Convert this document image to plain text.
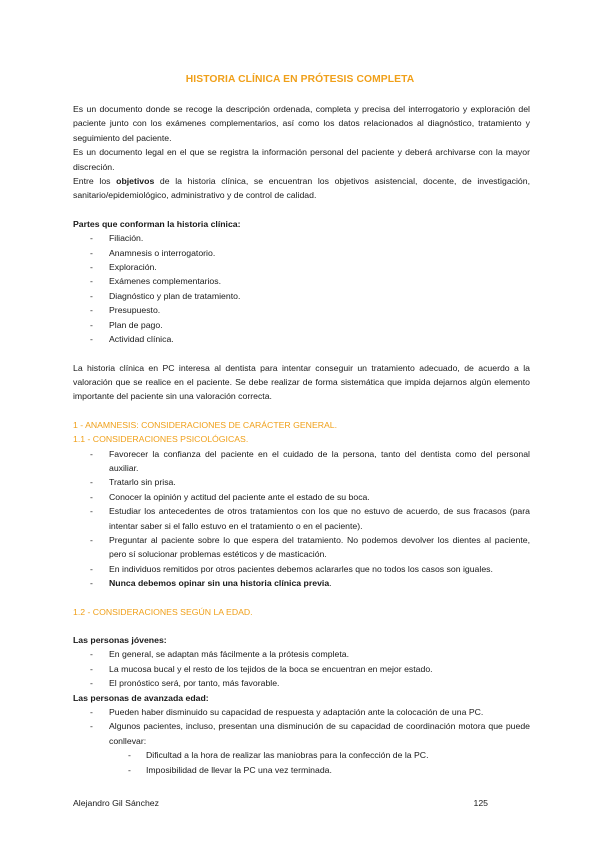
HISTORIA CLÍNICA EN PRÓTESIS COMPLETA

Es un documento donde se recoge la descripción ordenada, completa y precisa del interrogatorio y exploración del paciente junto con los exámenes complementarios, así como los datos relacionados al diagnóstico, tratamiento y seguimiento del paciente.

Es un documento legal en el que se registra la información personal del paciente y deberá archivarse con la mayor discreción.

Entre los objetivos de la historia clínica, se encuentran los objetivos asistencial, docente, de investigación, sanitario/epidemiológico, administrativo y de control de calidad.

Partes que conforman la historia clínica:

- Filiación.
- Anamnesis o interrogatorio.
- Exploración.
- Exámenes complementarios.
- Diagnóstico y plan de tratamiento.
- Presupuesto.
- Plan de pago.
- Actividad clínica.

La historia clínica en PC interesa al dentista para intentar conseguir un tratamiento adecuado, de acuerdo a la valoración que se realice en el paciente. Se debe realizar de forma sistemática que impida dejarnos algún elemento importante del paciente sin una valoración correcta.

1 - ANAMNESIS: CONSIDERACIONES DE CARÁCTER GENERAL.

1.1 - CONSIDERACIONES PSICOLÓGICAS.

- Favorecer la confianza del paciente en el cuidado de la persona, tanto del dentista como del personal auxiliar.
- Tratarlo sin prisa.
- Conocer la opinión y actitud del paciente ante el estado de su boca.
- Estudiar los antecedentes de otros tratamientos con los que no estuvo de acuerdo, de sus fracasos (para intentar saber si el fallo estuvo en el tratamiento o en el paciente).
- Preguntar al paciente sobre lo que espera del tratamiento. No podemos devolver los dientes al paciente, pero sí solucionar problemas estéticos y de masticación.
- En individuos remitidos por otros pacientes debemos aclararles que no todos los casos son iguales.
- Nunca debemos opinar sin una historia clínica previa.

1.2 - CONSIDERACIONES SEGÚN LA EDAD.

Las personas jóvenes:

- En general, se adaptan más fácilmente a la prótesis completa.
- La mucosa bucal y el resto de los tejidos de la boca se encuentran en mejor estado.
- El pronóstico será, por tanto, más favorable.

Las personas de avanzada edad:

- Pueden haber disminuido su capacidad de respuesta y adaptación ante la colocación de una PC.
- Algunos pacientes, incluso, presentan una disminución de su capacidad de coordinación motora que puede conllevar:
- Dificultad a la hora de realizar las maniobras para la confección de la PC.
- Imposibilidad de llevar la PC una vez terminada.
Alejandro Gil Sánchez	125
